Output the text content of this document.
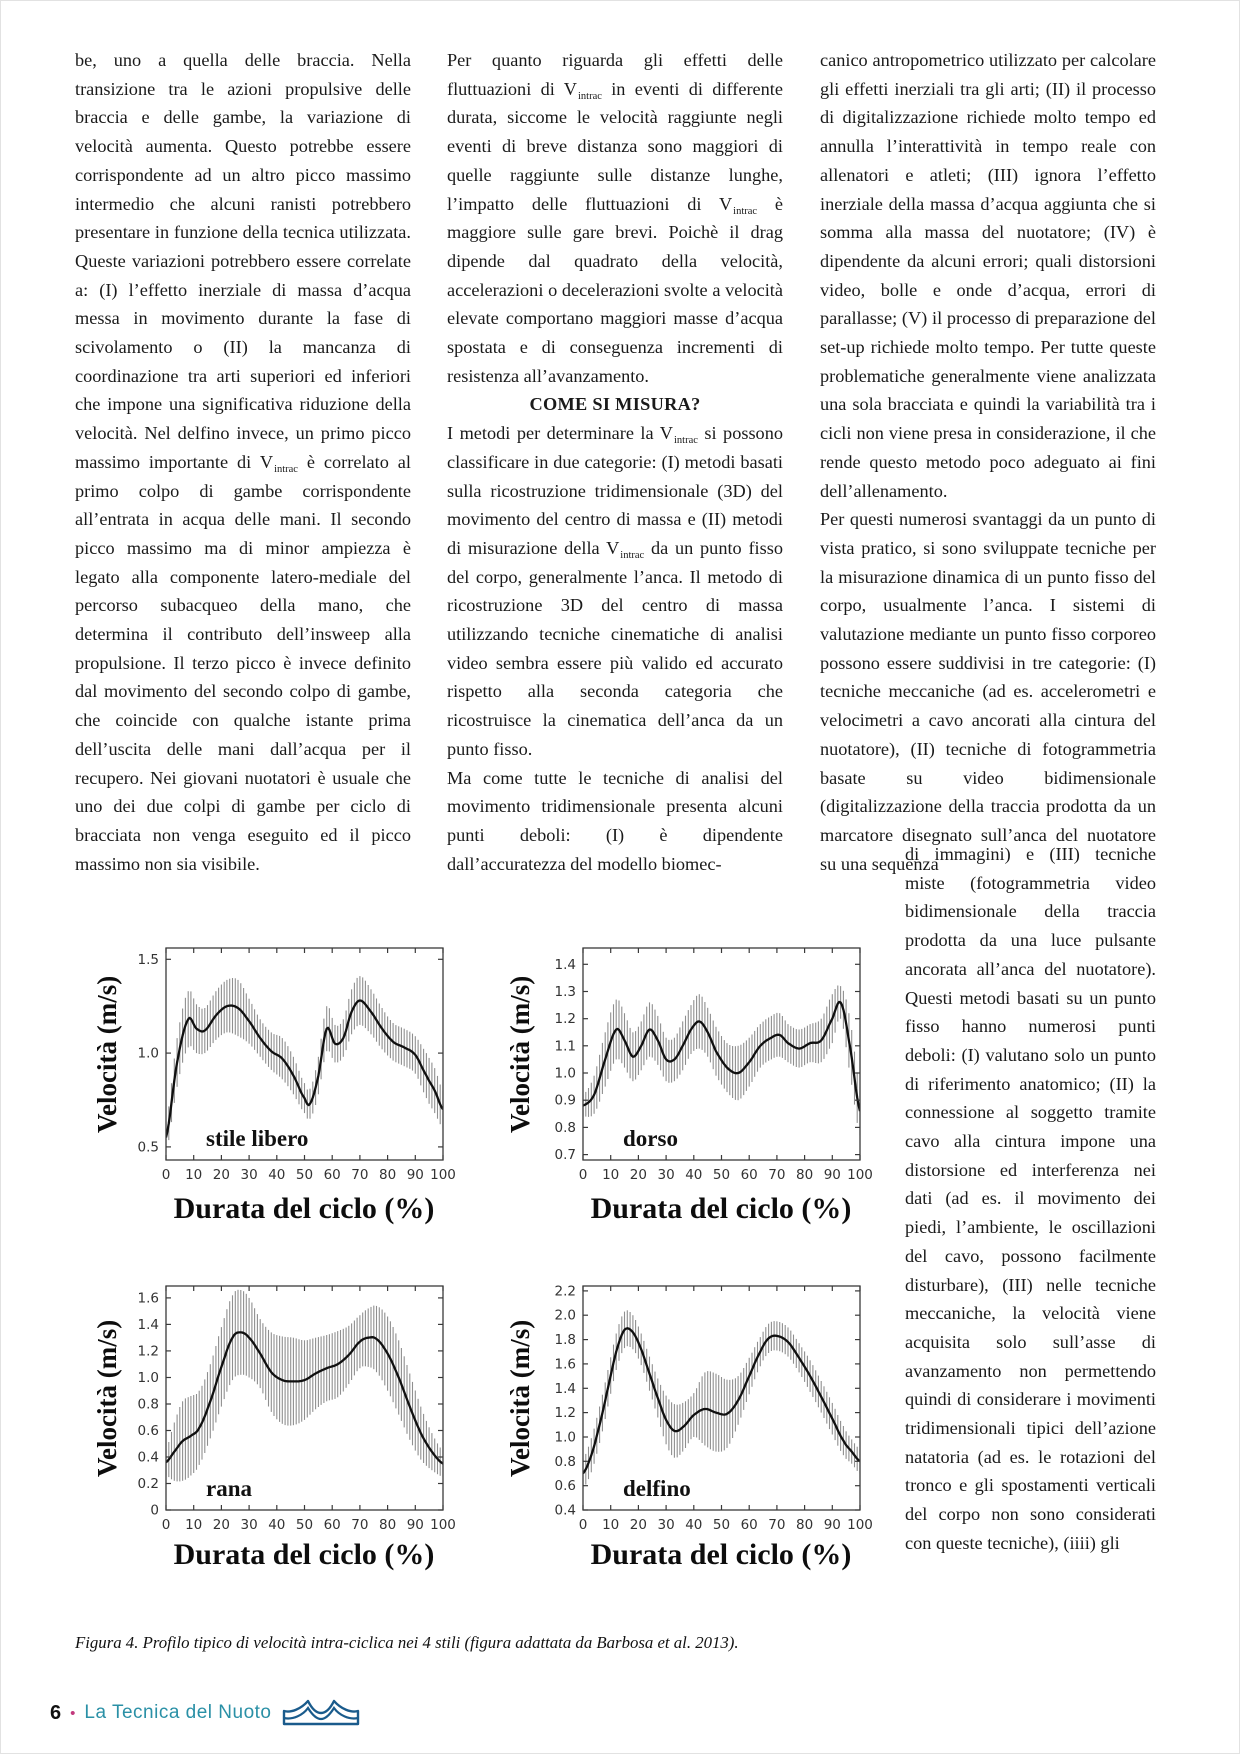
be, uno a quella delle braccia. Nella transizione tra le azioni propulsive delle braccia e delle gambe, la variazione di velocità aumenta. Questo potrebbe essere corrispondente ad un altro picco massimo intermedio che alcuni ranisti potrebbero presentare in funzione della tecnica utilizzata. Queste variazioni potrebbero essere correlate a: (I) l’effetto inerziale di massa d’acqua messa in movimento durante la fase di scivolamento o (II) la mancanza di coordinazione tra arti superiori ed inferiori che impone una significativa riduzione della velocità. Nel delfino invece, un primo picco massimo importante di $V_{intrac}$ è correlato al primo colpo di gambe corrispondente all’entrata in acqua delle mani. Il secondo picco massimo ma di minor ampiezza è legato alla componente latero-mediale del percorso subacqueo della mano, che determina il contributo dell’insweep alla propulsione. Il terzo picco è invece definito dal movimento del secondo colpo di gambe, che coincide con qualche istante prima dell’uscita delle mani dall’acqua per il recupero. Nei giovani nuotatori è usuale che uno dei due colpi di gambe per ciclo di bracciata non venga eseguito ed il picco massimo non sia visibile.

Per quanto riguarda gli effetti delle fluttuazioni di $V_{intrac}$ in eventi di differente durata, siccome le velocità raggiunte negli eventi di breve distanza sono maggiori di quelle raggiunte sulle distanze lunghe, l’impatto delle fluttuazioni di $V_{intrac}$ è maggiore sulle gare brevi. Poichè il drag dipende dal quadrato della velocità, accelerazioni o decelerazioni svolte a velocità elevate comportano maggiori masse d’acqua spostata e di conseguenza incrementi di resistenza all’avanzamento.

COME SI MISURA?

I metodi per determinare la $V_{intrac}$ si possono classificare in due categorie: (I) metodi basati sulla ricostruzione tridimensionale (3D) del movimento del centro di massa e (II) metodi di misurazione della $V_{intrac}$ da un punto fisso del corpo, generalmente l’anca. Il metodo di ricostruzione 3D del centro di massa utilizzando tecniche cinematiche di analisi video sembra essere più valido ed accurato rispetto alla seconda categoria che ricostruisce la cinematica dell’anca da un punto fisso.

Ma come tutte le tecniche di analisi del movimento tridimensionale presenta alcuni punti deboli: (I) è dipendente dall’accuratezza del modello biomec-

canico antropometrico utilizzato per calcolare gli effetti inerziali tra gli arti; (II) il processo di digitalizzazione richiede molto tempo ed annulla l’interattività in tempo reale con allenatori e atleti; (III) ignora l’effetto inerziale della massa d’acqua aggiunta che si somma alla massa del nuotatore; (IV) è dipendente da alcuni errori; quali distorsioni video, bolle e onde d’acqua, errori di parallasse; (V) il processo di preparazione del set-up richiede molto tempo. Per tutte queste problematiche generalmente viene analizzata una sola bracciata e quindi la variabilità tra i cicli non viene presa in considerazione, il che rende questo metodo poco adeguato ai fini dell’allenamento.

Per questi numerosi svantaggi da un punto di vista pratico, si sono sviluppate tecniche per la misurazione dinamica di un punto fisso del corpo, usualmente l’anca. I sistemi di valutazione mediante un punto fisso corporeo possono essere suddivisi in tre categorie: (I) tecniche meccaniche (ad es. accelerometri e velocimetri a cavo ancorati alla cintura del nuotatore), (II) tecniche di fotogrammetria basate su video bidimensionale (digitalizzazione della traccia prodotta da un marcatore disegnato sull’anca del nuotatore su una sequenza

di immagini) e (III) tecniche miste (fotogrammetria video bidimensionale della traccia prodotta da una luce pulsante ancorata all’anca del nuotatore). Questi metodi basati su un punto fisso hanno numerosi punti deboli: (I) valutano solo un punto di riferimento anatomico; (II) la connessione al soggetto tramite cavo alla cintura impone una distorsione ed interferenza nei dati (ad es. il movimento dei piedi, l’ambiente, le oscillazioni del cavo, possono facilmente disturbare), (III) nelle tecniche meccaniche, la velocità viene acquisita solo sull’asse di avanzamento non permettendo quindi di considerare i movimenti tridimensionali tipici dell’azione natatoria (ad es. le rotazioni del tronco e gli spostamenti verticali del corpo non sono considerati con queste tecniche), (iiii) gli

Velocità (m/s)
0 10 20 30 40 50 60 70 80 90 100
0.5
1.0
1.5
stile libero
Durata del ciclo (%)
Velocità (m/s)
0 10 20 30 40 50 60 70 80 90 100
0.7
0.8
0.9
1.0
1.1
1.2
1.3
1.4
dorso
Durata del ciclo (%)
Velocità (m/s)
0 10 20 30 40 50 60 70 80 90 100
0
0.2
0.4
0.6
0.8
1.0
1.2
1.4
1.6
rana
Durata del ciclo (%)
Velocità (m/s)
0 10 20 30 40 50 60 70 80 90 100
0.4
0.6
0.8
1.0
1.2
1.4
1.6
1.8
2.0
2.2
delfino
Durata del ciclo (%)
Figura 4. Profilo tipico di velocità intra-ciclica nei 4 stili (figura adattata da Barbosa et al. 2013).
6 • La Tecnica del Nuoto
